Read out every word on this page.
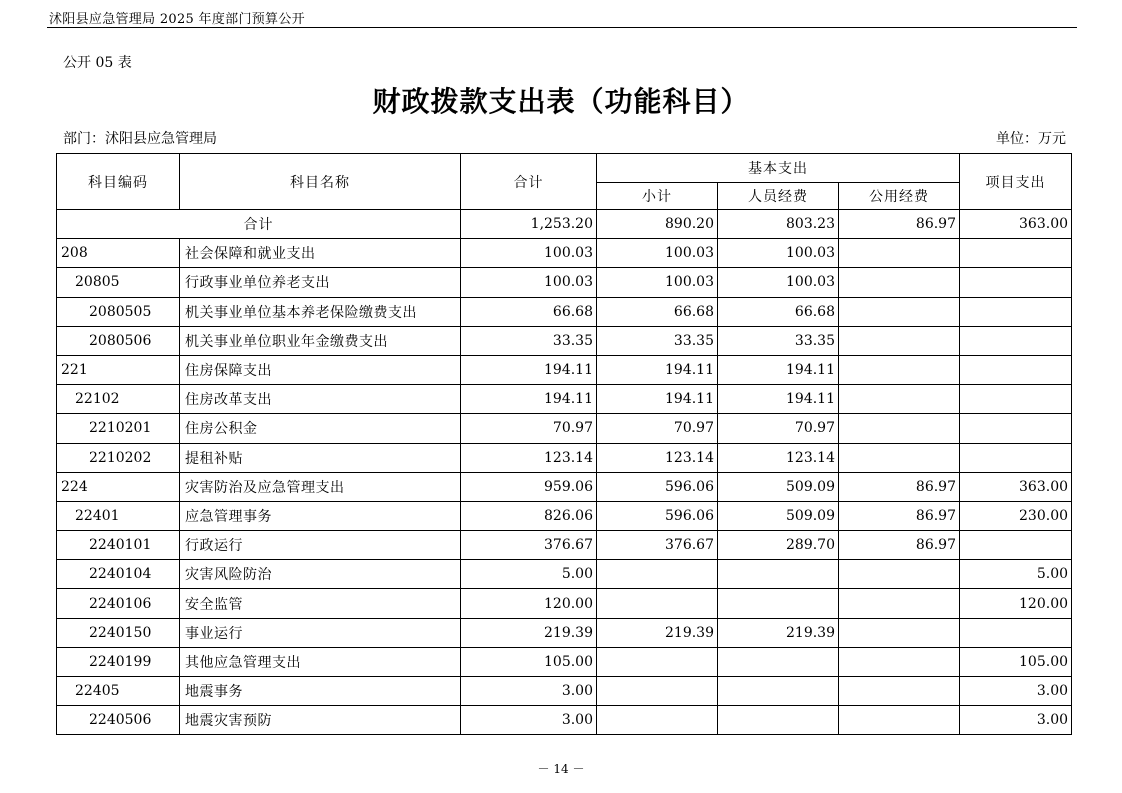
沭阳县应急管理局 2025 年度部门预算公开
公开 05 表
财政拨款支出表（功能科目）
部门：沭阳县应急管理局	单位：万元
科目编码	科目名称	合计	基本支出			项目支出
			小计	人员经费	公用经费	
合计		1,253.20	890.20	803.23	86.97	363.00
208	社会保障和就业支出	100.03	100.03	100.03		
20805	行政事业单位养老支出	100.03	100.03	100.03		
2080505	机关事业单位基本养老保险缴费支出	66.68	66.68	66.68		
2080506	机关事业单位职业年金缴费支出	33.35	33.35	33.35		
221	住房保障支出	194.11	194.11	194.11		
22102	住房改革支出	194.11	194.11	194.11		
2210201	住房公积金	70.97	70.97	70.97		
2210202	提租补贴	123.14	123.14	123.14		
224	灾害防治及应急管理支出	959.06	596.06	509.09	86.97	363.00
22401	应急管理事务	826.06	596.06	509.09	86.97	230.00
2240101	行政运行	376.67	376.67	289.70	86.97	
2240104	灾害风险防治	5.00				5.00
2240106	安全监管	120.00				120.00
2240150	事业运行	219.39	219.39	219.39		
2240199	其他应急管理支出	105.00				105.00
22405	地震事务	3.00				3.00
2240506	地震灾害预防	3.00				3.00
－ 14 －
